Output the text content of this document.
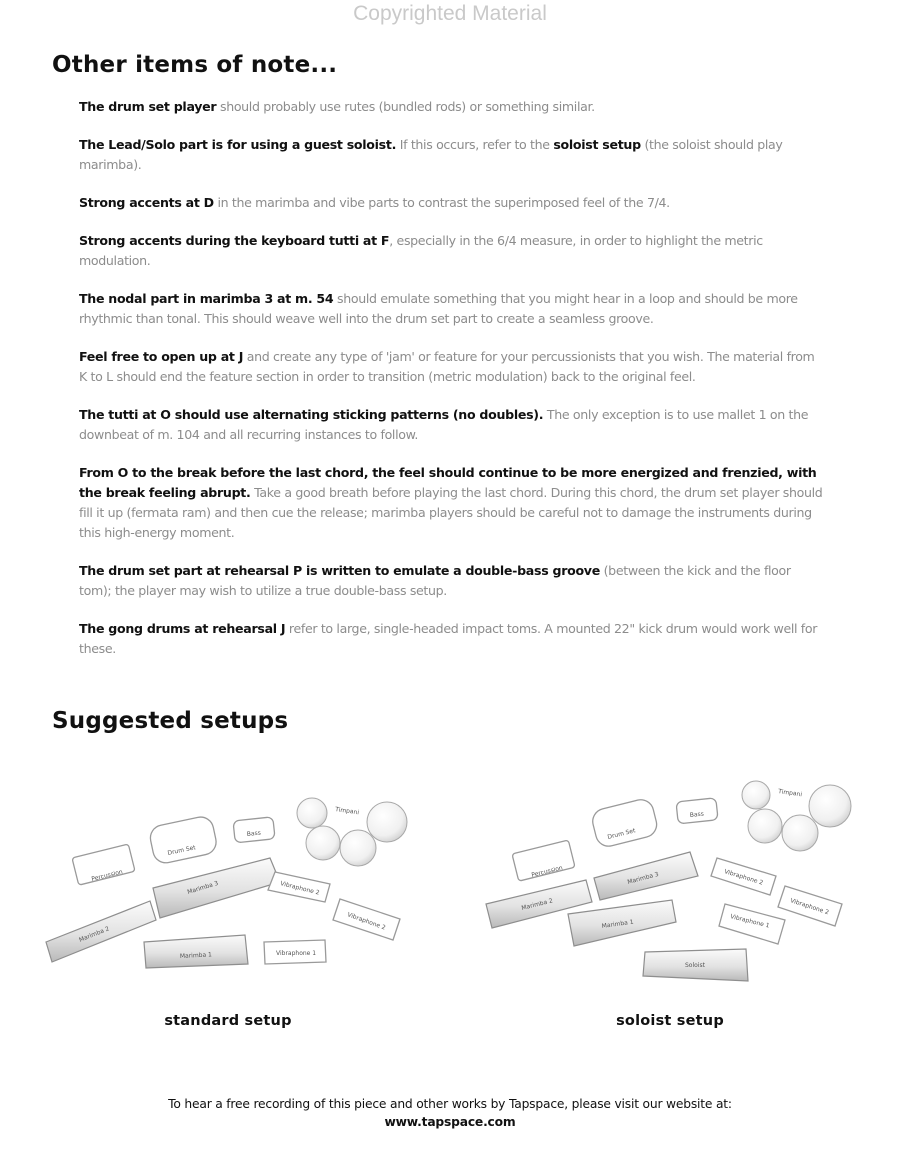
Copyrighted Material
Other items of note...

The drum set player should probably use rutes (bundled rods) or something similar.

The Lead/Solo part is for using a guest soloist. If this occurs, refer to the soloist setup (the soloist should play marimba).

Strong accents at D in the marimba and vibe parts to contrast the superimposed feel of the 7/4.

Strong accents during the keyboard tutti at F, especially in the 6/4 measure, in order to highlight the metric modulation.

The nodal part in marimba 3 at m. 54 should emulate something that you might hear in a loop and should be more rhythmic than tonal. This should weave well into the drum set part to create a seamless groove.

Feel free to open up at J and create any type of 'jam' or feature for your percussionists that you wish. The material from K to L should end the feature section in order to transition (metric modulation) back to the original feel.

The tutti at O should use alternating sticking patterns (no doubles). The only exception is to use mallet 1 on the downbeat of m. 104 and all recurring instances to follow.

From O to the break before the last chord, the feel should continue to be more energized and frenzied, with the break feeling abrupt. Take a good breath before playing the last chord. During this chord, the drum set player should fill it up (fermata ram) and then cue the release; marimba players should be careful not to damage the instruments during this high-energy moment.

The drum set part at rehearsal P is written to emulate a double-bass groove (between the kick and the floor tom); the player may wish to utilize a true double-bass setup.

The gong drums at rehearsal J refer to large, single-headed impact toms. A mounted 22" kick drum would work well for these.

Suggested setups
Percussion
Drum Set
Bass
Timpani
Marimba 3	Vibraphone 2
Vibraphone 2
Marimba 2
Marimba 1	Vibraphone 1
standard setup
Percussion
Drum Set
Bass
Timpani
Marimba 3	Vibraphone 2
Vibraphone 2
Marimba 2
Marimba 1	Vibraphone 1
Soloist
soloist setup
To hear a free recording of this piece and other works by Tapspace, please visit our website at:
www.tapspace.com
